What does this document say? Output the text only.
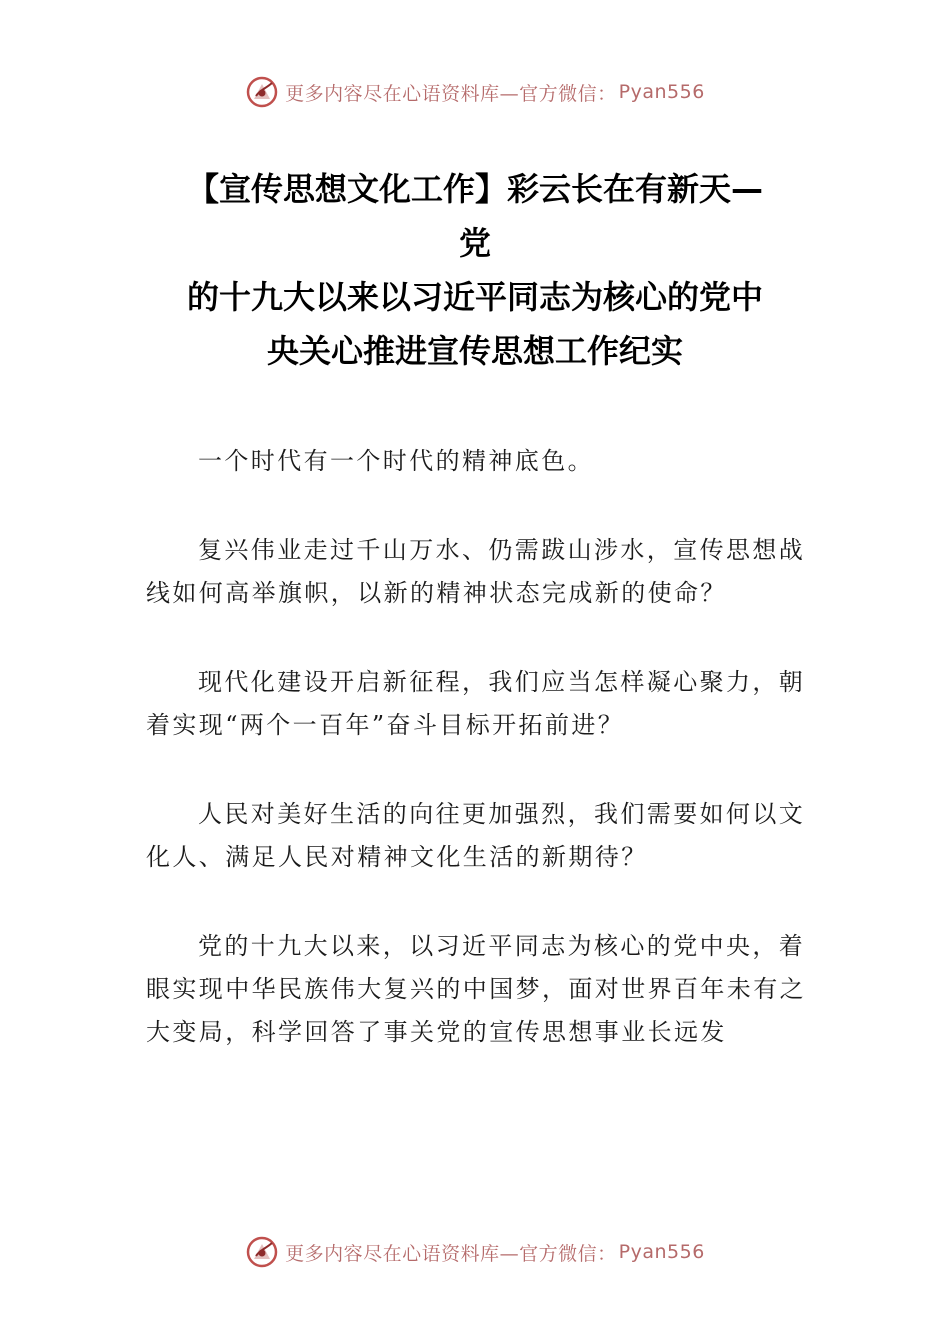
更多内容尽在心语资料库—官方微信： Pyan556
【宣传思想文化工作】彩云长在有新天—
党
的十九大以来以习近平同志为核心的党中
央关心推进宣传思想工作纪实

一个时代有一个时代的精神底色。

复兴伟业走过千山万水、仍需跋山涉水，宣传思想战线如何高举旗帜，以新的精神状态完成新的使命？

现代化建设开启新征程，我们应当怎样凝心聚力，朝着实现“两个一百年”奋斗目标开拓前进？

人民对美好生活的向往更加强烈，我们需要如何以文化人、满足人民对精神文化生活的新期待？

党的十九大以来，以习近平同志为核心的党中央，着眼实现中华民族伟大复兴的中国梦，面对世界百年未有之大变局，科学回答了事关党的宣传思想事业长远发

更多内容尽在心语资料库—官方微信： Pyan556
